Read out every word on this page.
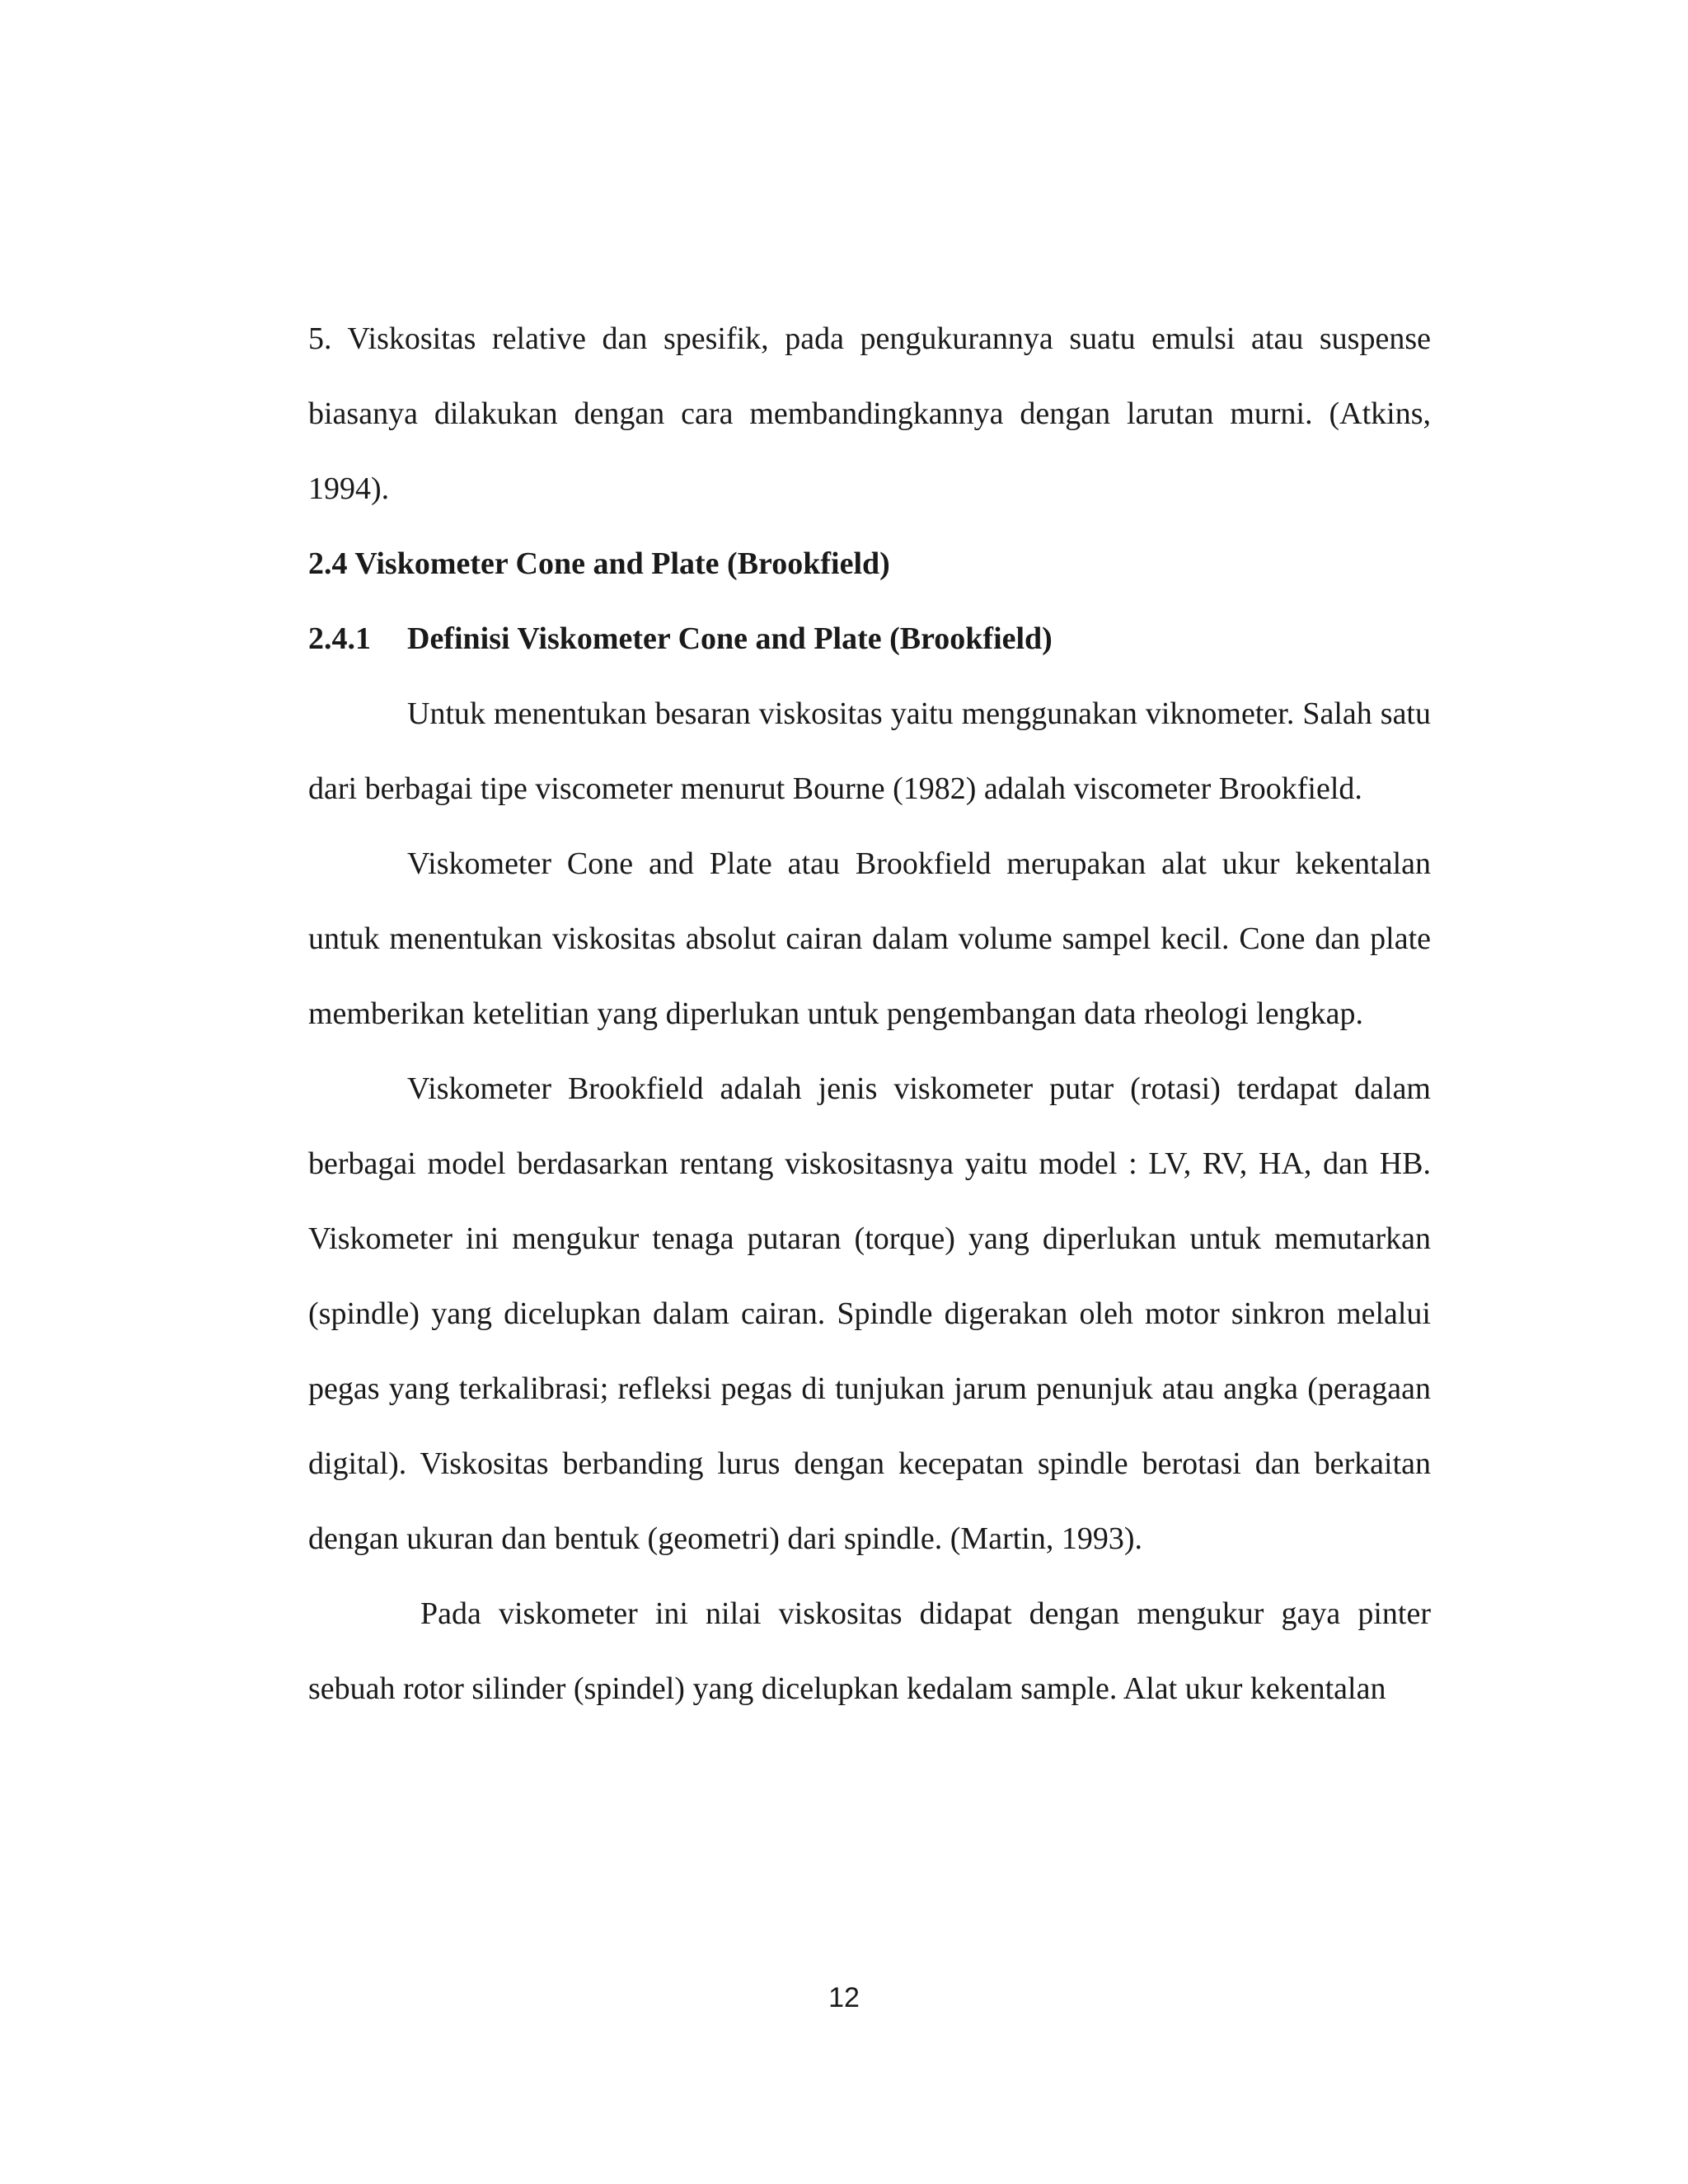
5. Viskositas relative dan spesifik, pada pengukurannya suatu emulsi atau suspense biasanya dilakukan dengan cara membandingkannya dengan larutan murni. (Atkins, 1994).

2.4 Viskometer Cone and Plate (Brookfield)

2.4.1 Definisi Viskometer Cone and Plate (Brookfield)

Untuk menentukan besaran viskositas yaitu menggunakan viknometer. Salah satu dari berbagai tipe viscometer menurut Bourne (1982) adalah viscometer Brookfield.

Viskometer Cone and Plate atau Brookfield merupakan alat ukur kekentalan untuk menentukan viskositas absolut cairan dalam volume sampel kecil. Cone dan plate memberikan ketelitian yang diperlukan untuk pengembangan data rheologi lengkap.

Viskometer Brookfield adalah jenis viskometer putar (rotasi) terdapat dalam berbagai model berdasarkan rentang viskositasnya yaitu model : LV, RV, HA, dan HB. Viskometer ini mengukur tenaga putaran (torque) yang diperlukan untuk memutarkan (spindle) yang dicelupkan dalam cairan. Spindle digerakan oleh motor sinkron melalui pegas yang terkalibrasi; refleksi pegas di tunjukan jarum penunjuk atau angka (peragaan digital). Viskositas berbanding lurus dengan kecepatan spindle berotasi dan berkaitan dengan ukuran dan bentuk (geometri) dari spindle. (Martin, 1993).

Pada viskometer ini nilai viskositas didapat dengan mengukur gaya pinter sebuah rotor silinder (spindel) yang dicelupkan kedalam sample. Alat ukur kekentalan

12
